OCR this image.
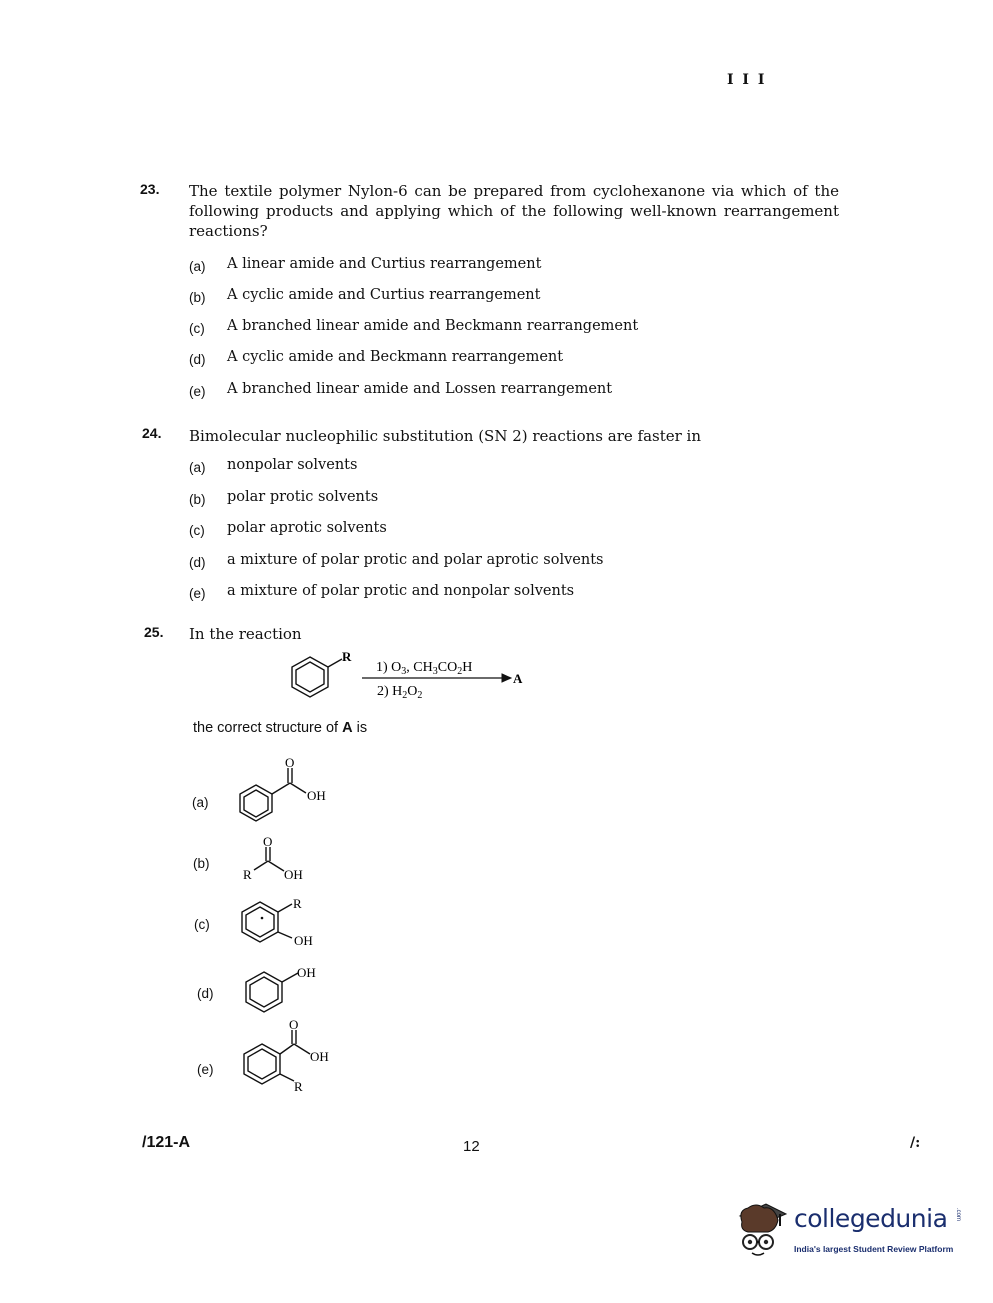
I I I
23. The textile polymer Nylon-6 can be prepared from cyclohexanone via which of the
following products and applying which of the following well-known rearrangement
reactions?
(a) A linear amide and Curtius rearrangement
(b) A cyclic amide and Curtius rearrangement
(c) A branched linear amide and Beckmann rearrangement
(d) A cyclic amide and Beckmann rearrangement
(e) A branched linear amide and Lossen rearrangement
24. Bimolecular nucleophilic substitution (SN 2) reactions are faster in
(a) nonpolar solvents
(b) polar protic solvents
(c) polar aprotic solvents
(d) a mixture of polar protic and polar aprotic solvents
(e) a mixture of polar protic and nonpolar solvents
25. In the reaction
R
1) $O_3$, $CH_3CO_2H$
A
2) $H_2O_2$
the correct structure of A is
(a)
(b)
(c)
(d)
(e)
O
OH
O
R OH
R
OH
OH
O
OH
R
/121-A	12	/:
collegedunia .com
India's largest Student Review Platform
